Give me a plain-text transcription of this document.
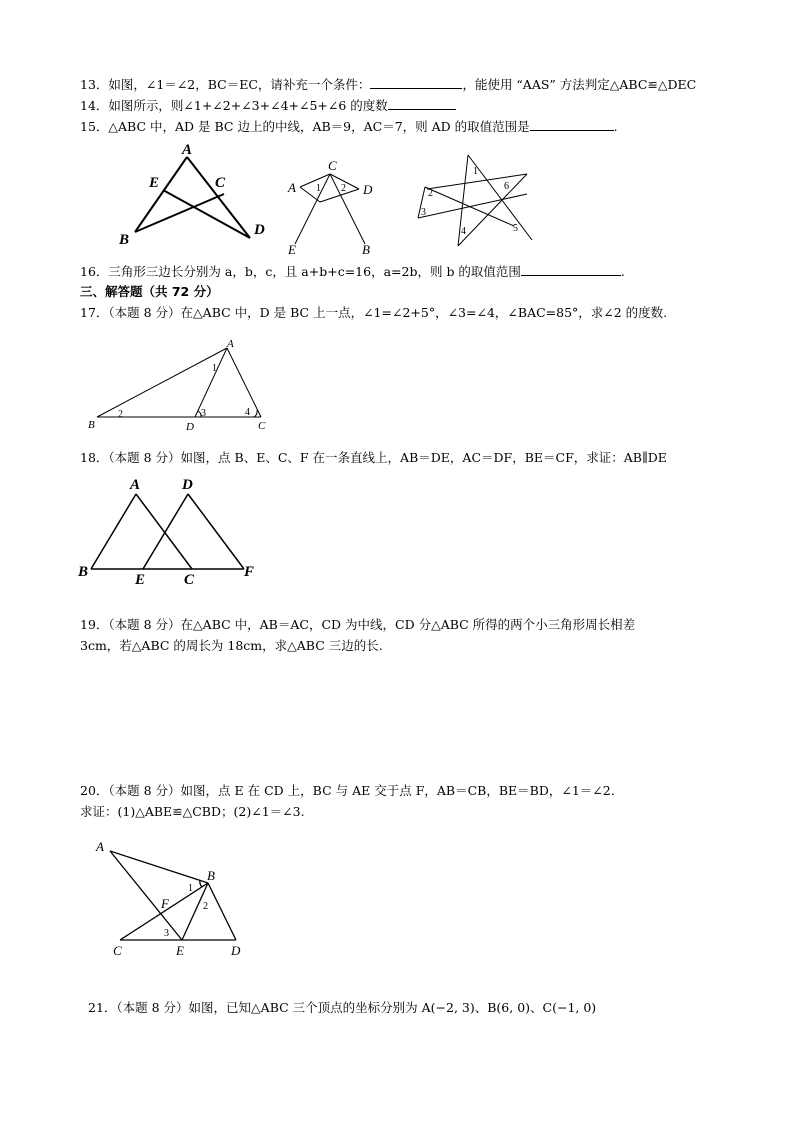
13．如图，∠1＝∠2，BC＝EC，请补充一个条件：	，能使用 “AAS” 方法判定△ABC≌△DEC
14．如图所示，则∠1+∠2+∠3+∠4+∠5+∠6 的度数
15．△ABC 中，AD 是 BC 边上的中线，AB＝9，AC＝7，则 AD 的取值范围是	.
A
E	C
B
D
C
A	D
E	B
1 2
1
2
3
4	5
6
16．三角形三边长分别为 a，b，c，且 a+b+c=16，a=2b，则 b 的取值范围	.
三、解答题（共 72 分）
17．（本题 8 分）在△ABC 中，D 是 BC 上一点，∠1=∠2+5°，∠3=∠4，∠BAC=85°，求∠2 的度数.
A
B	D	C
1
2	3	4
18．（本题 8 分）如图，点 B、E、C、F 在一条直线上，AB＝DE，AC＝DF，BE＝CF，求证：AB∥DE
A	D
B	E	C	F
19．（本题 8 分）在△ABC 中，AB＝AC，CD 为中线，CD 分△ABC 所得的两个小三角形周长相差
3cm，若△ABC 的周长为 18cm，求△ABC 三边的长.
20．（本题 8 分）如图，点 E 在 CD 上，BC 与 AE 交于点 F，AB＝CB，BE＝BD，∠1＝∠2.
求证：(1)△ABE≌△CBD；(2)∠1＝∠3.
A
B
F
C	E	D
1
2
3
21．（本题 8 分）如图，已知△ABC 三个顶点的坐标分别为 A(−2, 3)、B(6, 0)、C(−1, 0)
